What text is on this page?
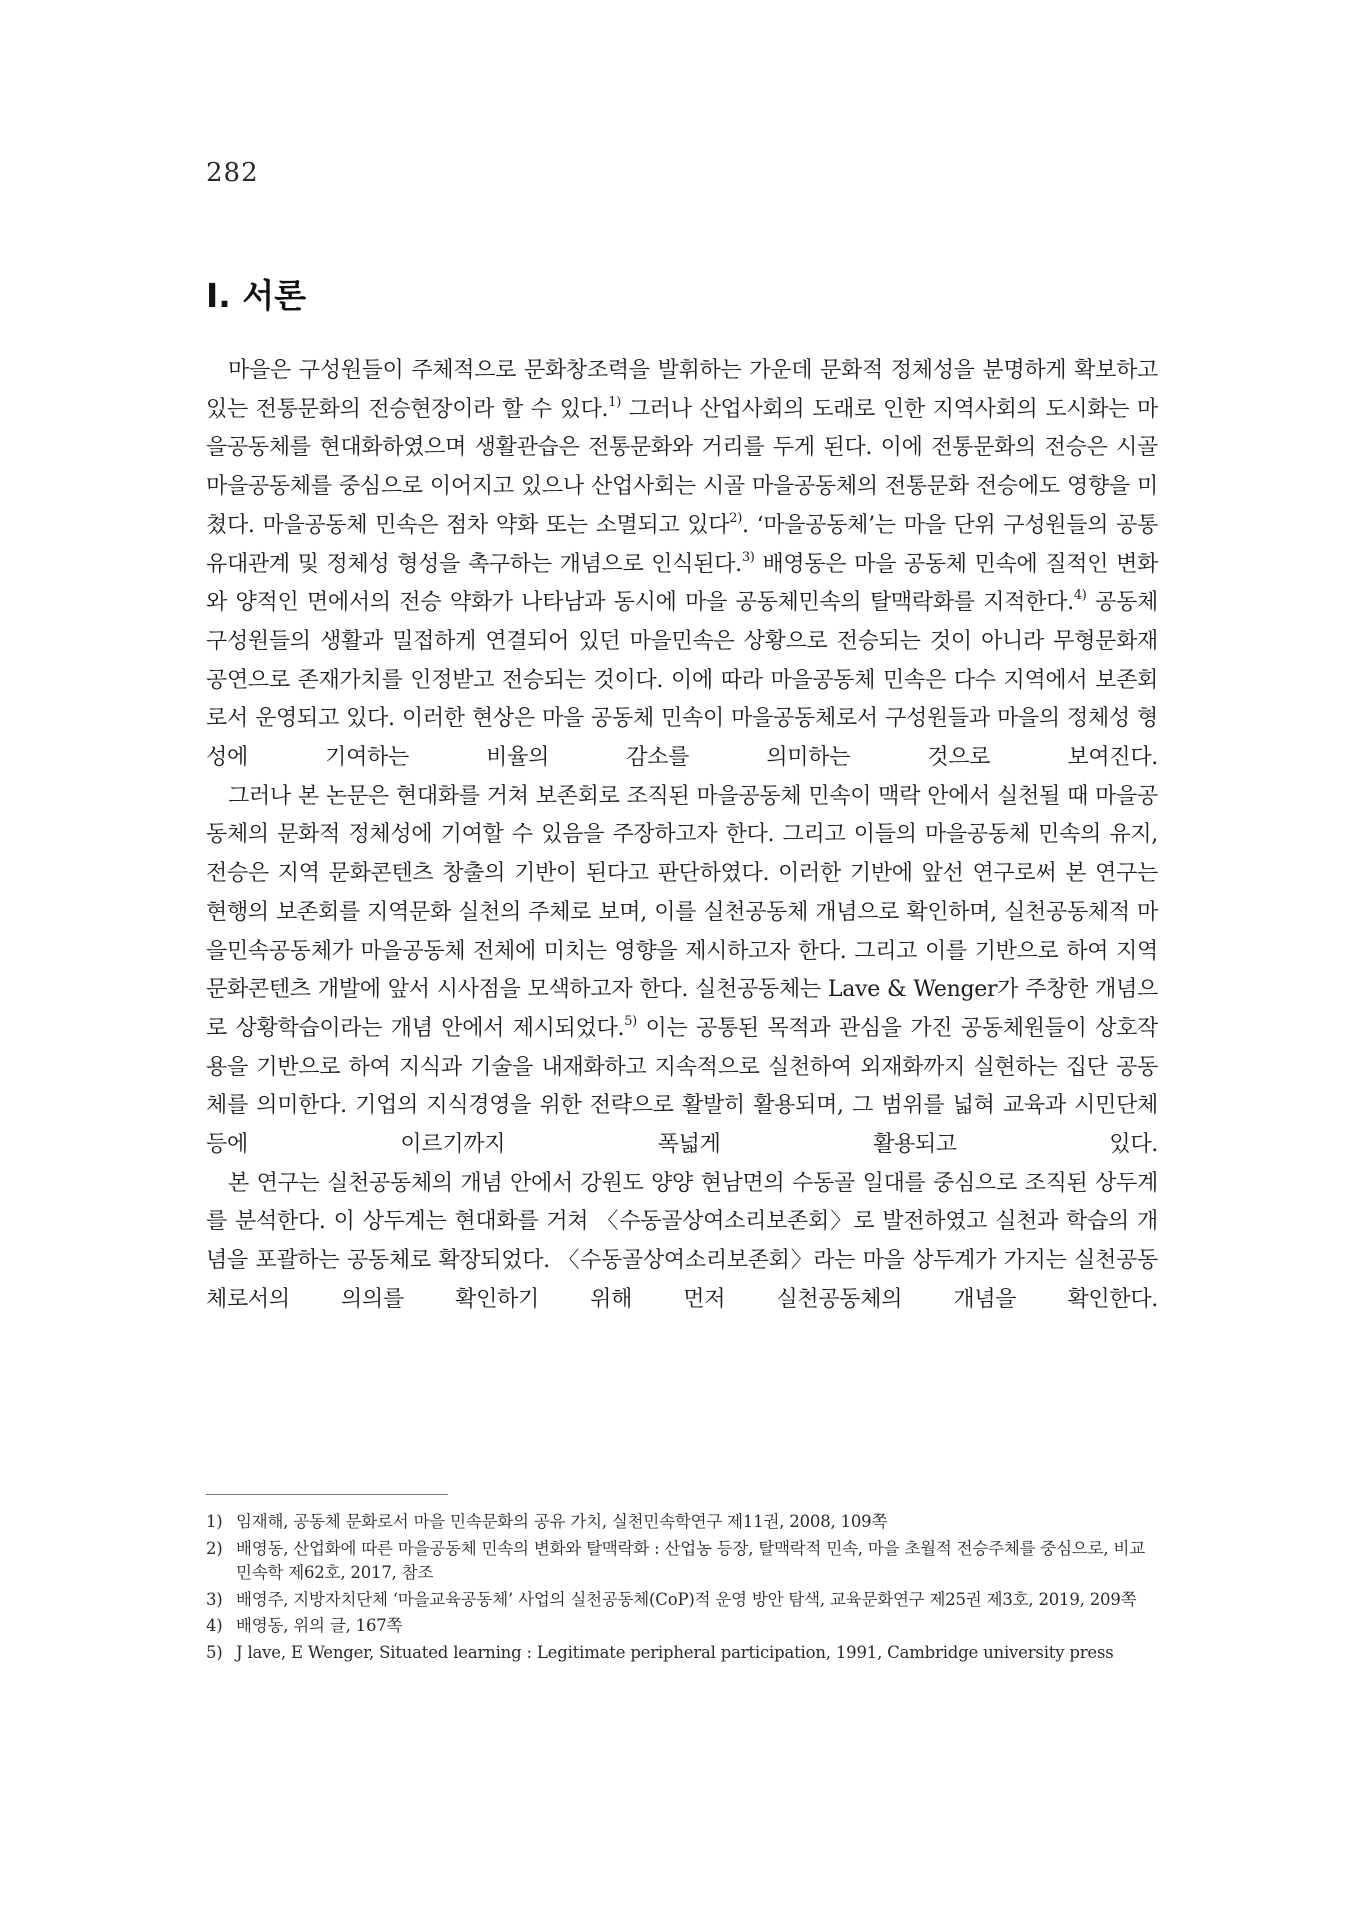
282
Ⅰ. 서론

마을은 구성원들이 주체적으로 문화창조력을 발휘하는 가운데 문화적 정체성을 분명하게 확보하고 있는 전통문화의 전승현장이라 할 수 있다.$^{1)}$ 그러나 산업사회의 도래로 인한 지역사회의 도시화는 마을공동체를 현대화하였으며 생활관습은 전통문화와 거리를 두게 된다. 이에 전통문화의 전승은 시골 마을공동체를 중심으로 이어지고 있으나 산업사회는 시골 마을공동체의 전통문화 전승에도 영향을 미쳤다. 마을공동체 민속은 점차 약화 또는 소멸되고 있다$^{2)}$. ‘마을공동체’는 마을 단위 구성원들의 공통 유대관계 및 정체성 형성을 촉구하는 개념으로 인식된다.$^{3)}$ 배영동은 마을 공동체 민속에 질적인 변화와 양적인 면에서의 전승 약화가 나타남과 동시에 마을 공동체민속의 탈맥락화를 지적한다.$^{4)}$ 공동체 구성원들의 생활과 밀접하게 연결되어 있던 마을민속은 상황으로 전승되는 것이 아니라 무형문화재 공연으로 존재가치를 인정받고 전승되는 것이다. 이에 따라 마을공동체 민속은 다수 지역에서 보존회로서 운영되고 있다. 이러한 현상은 마을 공동체 민속이 마을공동체로서 구성원들과 마을의 정체성 형성에 기여하는 비율의 감소를 의미하는 것으로 보여진다.

그러나 본 논문은 현대화를 거쳐 보존회로 조직된 마을공동체 민속이 맥락 안에서 실천될 때 마을공동체의 문화적 정체성에 기여할 수 있음을 주장하고자 한다. 그리고 이들의 마을공동체 민속의 유지, 전승은 지역 문화콘텐츠 창출의 기반이 된다고 판단하였다. 이러한 기반에 앞선 연구로써 본 연구는 현행의 보존회를 지역문화 실천의 주체로 보며, 이를 실천공동체 개념으로 확인하며, 실천공동체적 마을민속공동체가 마을공동체 전체에 미치는 영향을 제시하고자 한다. 그리고 이를 기반으로 하여 지역문화콘텐츠 개발에 앞서 시사점을 모색하고자 한다. 실천공동체는 Lave & Wenger가 주창한 개념으로 상황학습이라는 개념 안에서 제시되었다.$^{5)}$ 이는 공통된 목적과 관심을 가진 공동체원들이 상호작용을 기반으로 하여 지식과 기술을 내재화하고 지속적으로 실천하여 외재화까지 실현하는 집단 공동체를 의미한다. 기업의 지식경영을 위한 전략으로 활발히 활용되며, 그 범위를 넓혀 교육과 시민단체 등에 이르기까지 폭넓게 활용되고 있다.

본 연구는 실천공동체의 개념 안에서 강원도 양양 현남면의 수동골 일대를 중심으로 조직된 상두계를 분석한다. 이 상두계는 현대화를 거쳐 〈수동골상여소리보존회〉로 발전하였고 실천과 학습의 개념을 포괄하는 공동체로 확장되었다. 〈수동골상여소리보존회〉라는 마을 상두계가 가지는 실천공동체로서의 의의를 확인하기 위해 먼저 실천공동체의 개념을 확인한다.

1) 임재해, 공동체 문화로서 마을 민속문화의 공유 가치, 실천민속학연구 제11권, 2008, 109쪽
2) 배영동, 산업화에 따른 마을공동체 민속의 변화와 탈맥락화 : 산업농 등장, 탈맥락적 민속, 마을 초월적 전승주체를 중심으로, 비교민속학 제62호, 2017, 참조
3) 배영주, 지방자치단체 ‘마을교육공동체’ 사업의 실천공동체(CoP)적 운영 방안 탐색, 교육문화연구 제25권 제3호, 2019, 209쪽
4) 배영동, 위의 글, 167쪽
5) J lave, E Wenger, Situated learning : Legitimate peripheral participation, 1991, Cambridge university press
